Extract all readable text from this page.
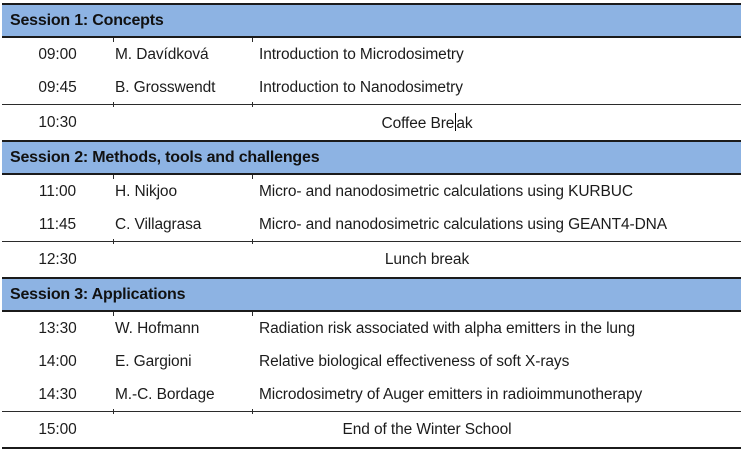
Session 1: Concepts
09:00	M. Davídková	Introduction to Microdosimetry
09:45	B. Grosswendt	Introduction to Nanodosimetry
10:30	Coffee Bre ak
Session 2: Methods, tools and challenges
11:00	H. Nikjoo	Micro- and nanodosimetric calculations using KURBUC
11:45	C. Villagrasa	Micro- and nanodosimetric calculations using GEANT4-DNA
12:30	Lunch break
Session 3: Applications
13:30	W. Hofmann	Radiation risk associated with alpha emitters in the lung
14:00	E. Gargioni	Relative biological effectiveness of soft X-rays
14:30	M.-C. Bordage	Microdosimetry of Auger emitters in radioimmunotherapy
15:00	End of the Winter School
